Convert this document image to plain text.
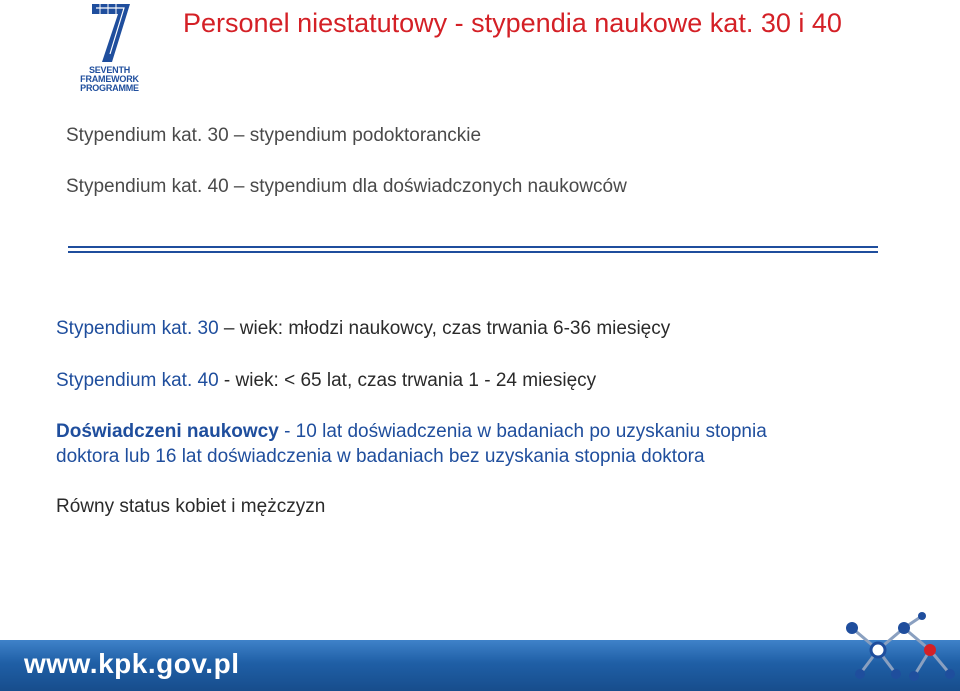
SEVENTH FRAMEWORK
PROGRAMME
Personel niestatutowy - stypendia naukowe kat. 30 i 40
Stypendium kat. 30 – stypendium podoktoranckie
Stypendium kat. 40 – stypendium dla doświadczonych naukowców
Stypendium kat. 30 – wiek: młodzi naukowcy, czas trwania 6-36 miesięcy
Stypendium kat. 40 - wiek: < 65 lat, czas trwania 1 - 24 miesięcy
Doświadczeni naukowcy - 10 lat doświadczenia w badaniach po uzyskaniu stopnia
doktora lub 16 lat doświadczenia w badaniach bez uzyskania stopnia doktora
Równy status kobiet i mężczyzn
www.kpk.gov.pl
